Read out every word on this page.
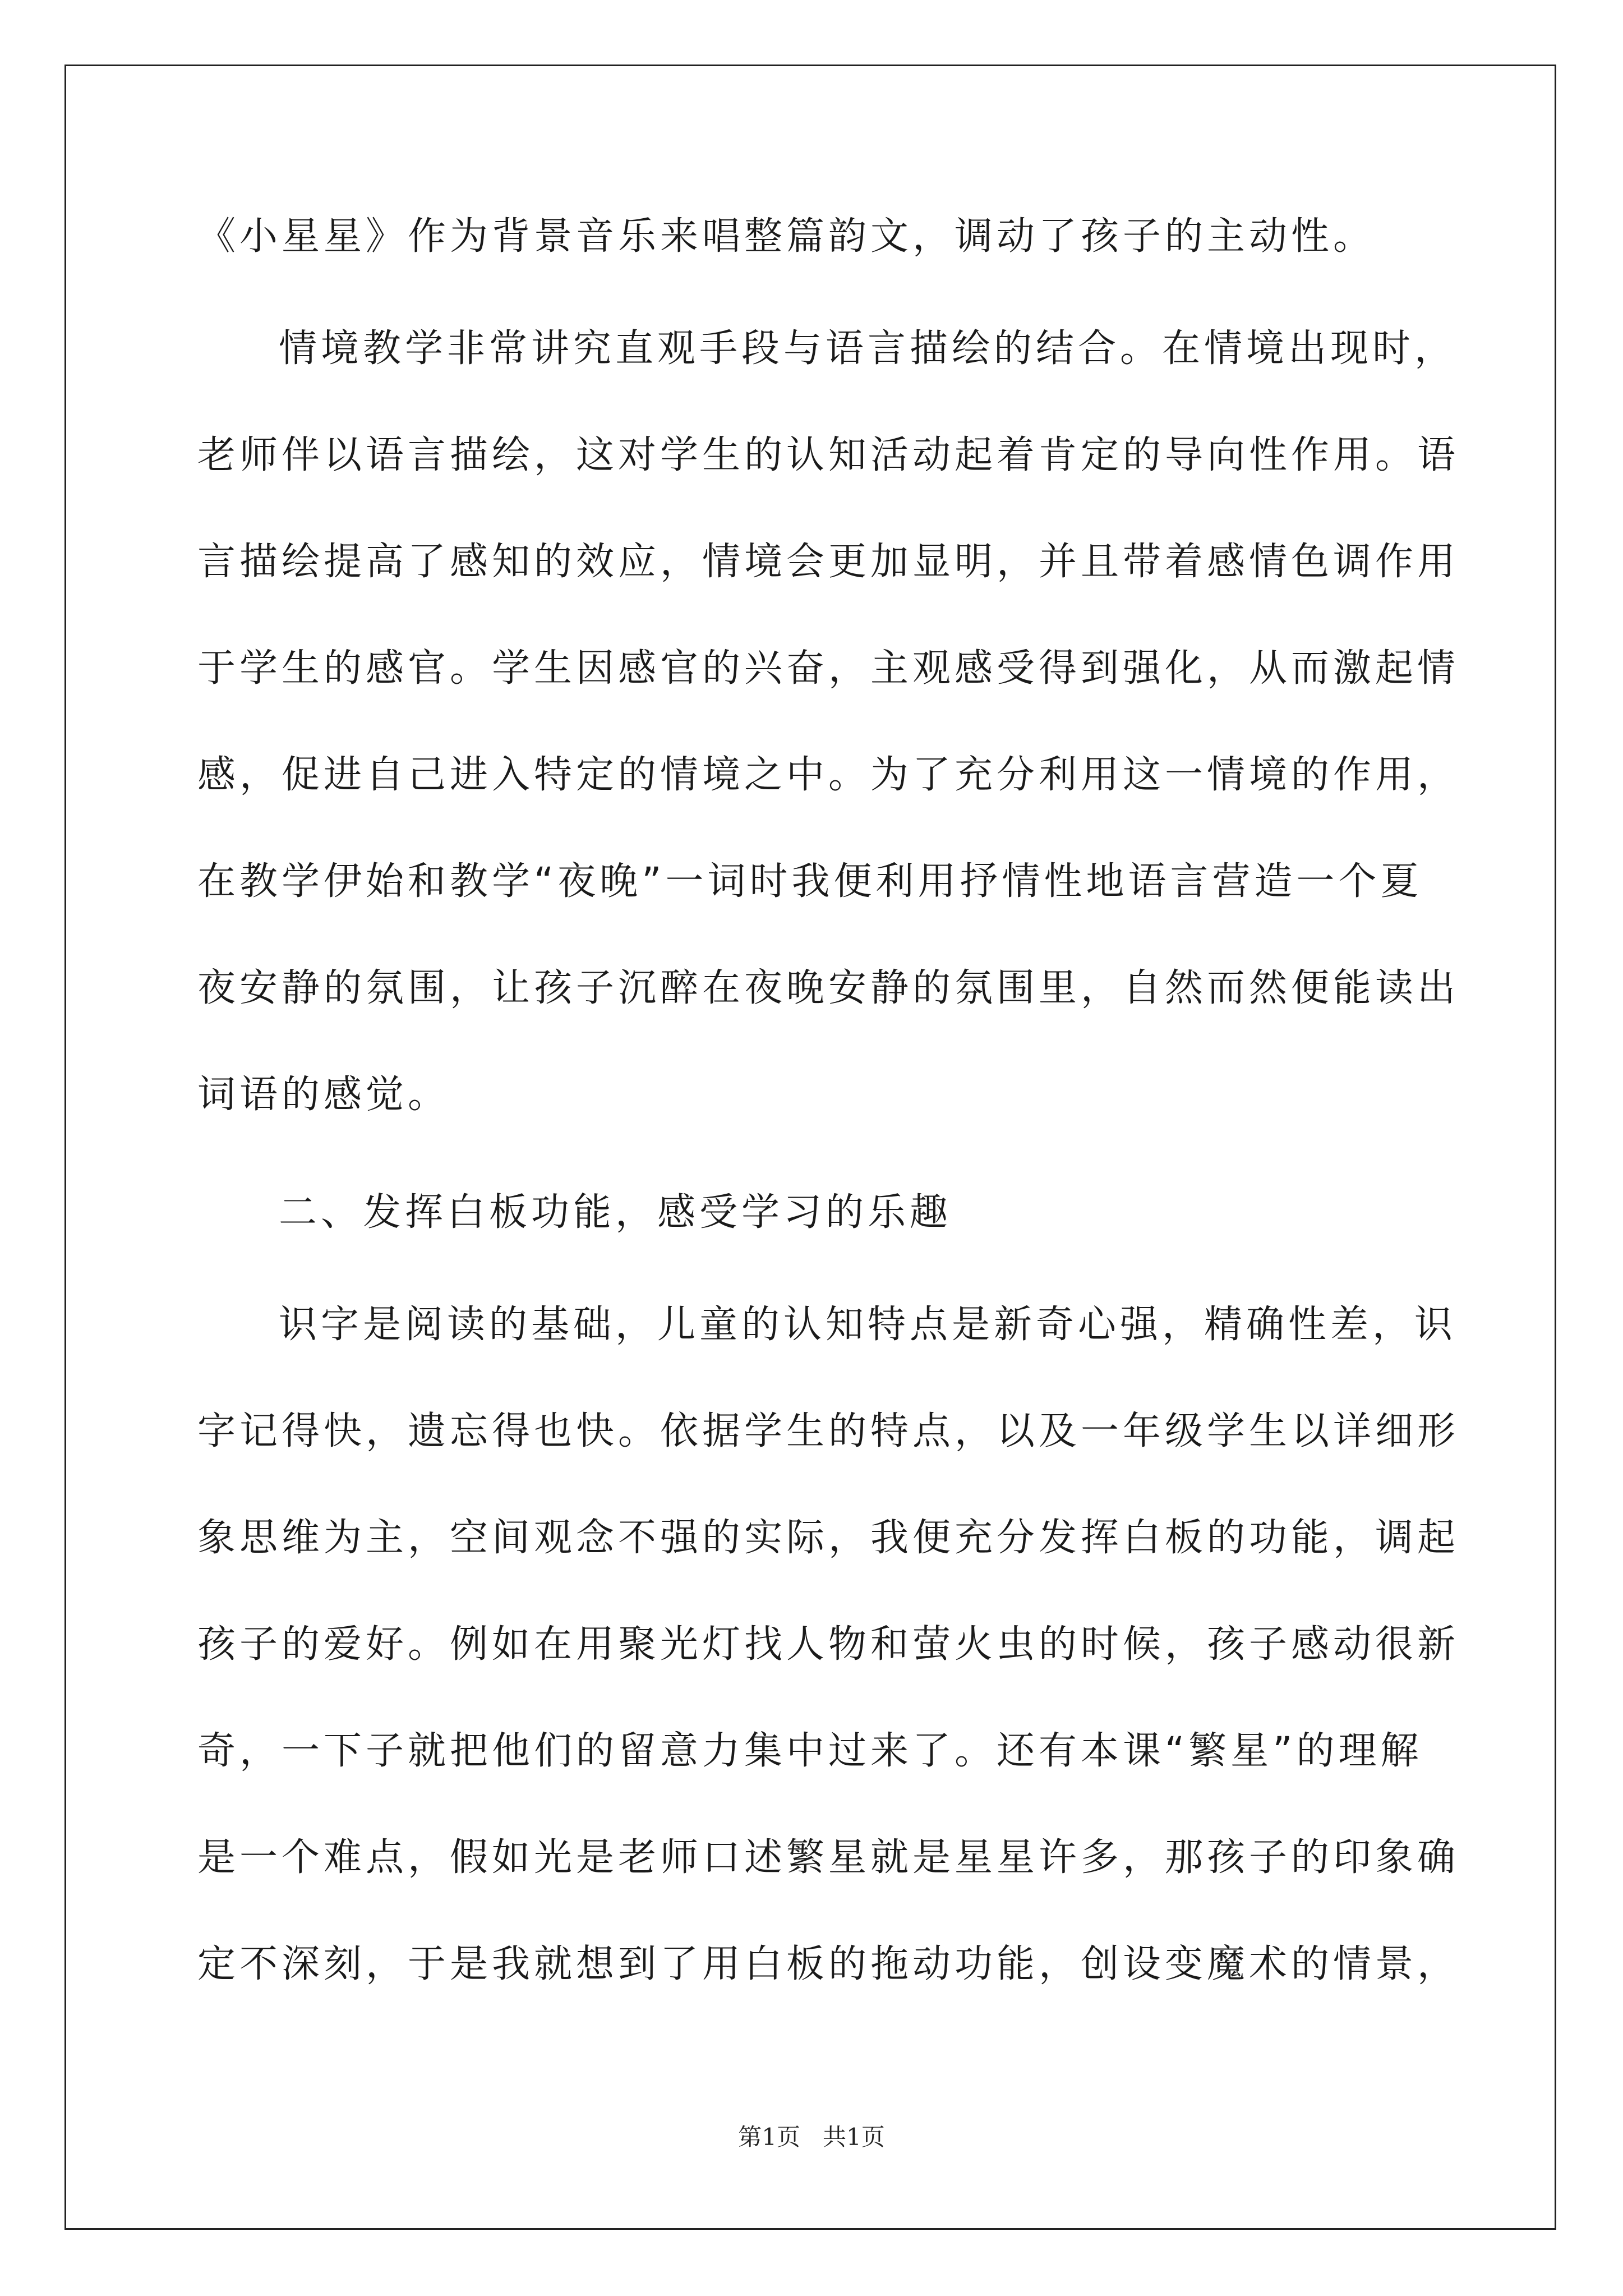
《小星星》作为背景音乐来唱整篇韵文，调动了孩子的主动性。

情境教学非常讲究直观手段与语言描绘的结合。在情境出现时，

老师伴以语言描绘，这对学生的认知活动起着肯定的导向性作用。语

言描绘提高了感知的效应，情境会更加显明，并且带着感情色调作用

于学生的感官。学生因感官的兴奋，主观感受得到强化，从而激起情

感，促进自己进入特定的情境之中。为了充分利用这一情境的作用，

在教学伊始和教学“夜晚”一词时我便利用抒情性地语言营造一个夏

夜安静的氛围，让孩子沉醉在夜晚安静的氛围里，自然而然便能读出

词语的感觉。

二、发挥白板功能，感受学习的乐趣

识字是阅读的基础，儿童的认知特点是新奇心强，精确性差，识

字记得快，遗忘得也快。依据学生的特点，以及一年级学生以详细形

象思维为主，空间观念不强的实际，我便充分发挥白板的功能，调起

孩子的爱好。例如在用聚光灯找人物和萤火虫的时候，孩子感动很新

奇，一下子就把他们的留意力集中过来了。还有本课“繁星”的理解

是一个难点，假如光是老师口述繁星就是星星许多，那孩子的印象确

定不深刻，于是我就想到了用白板的拖动功能，创设变魔术的情景，

第1页 共1页
